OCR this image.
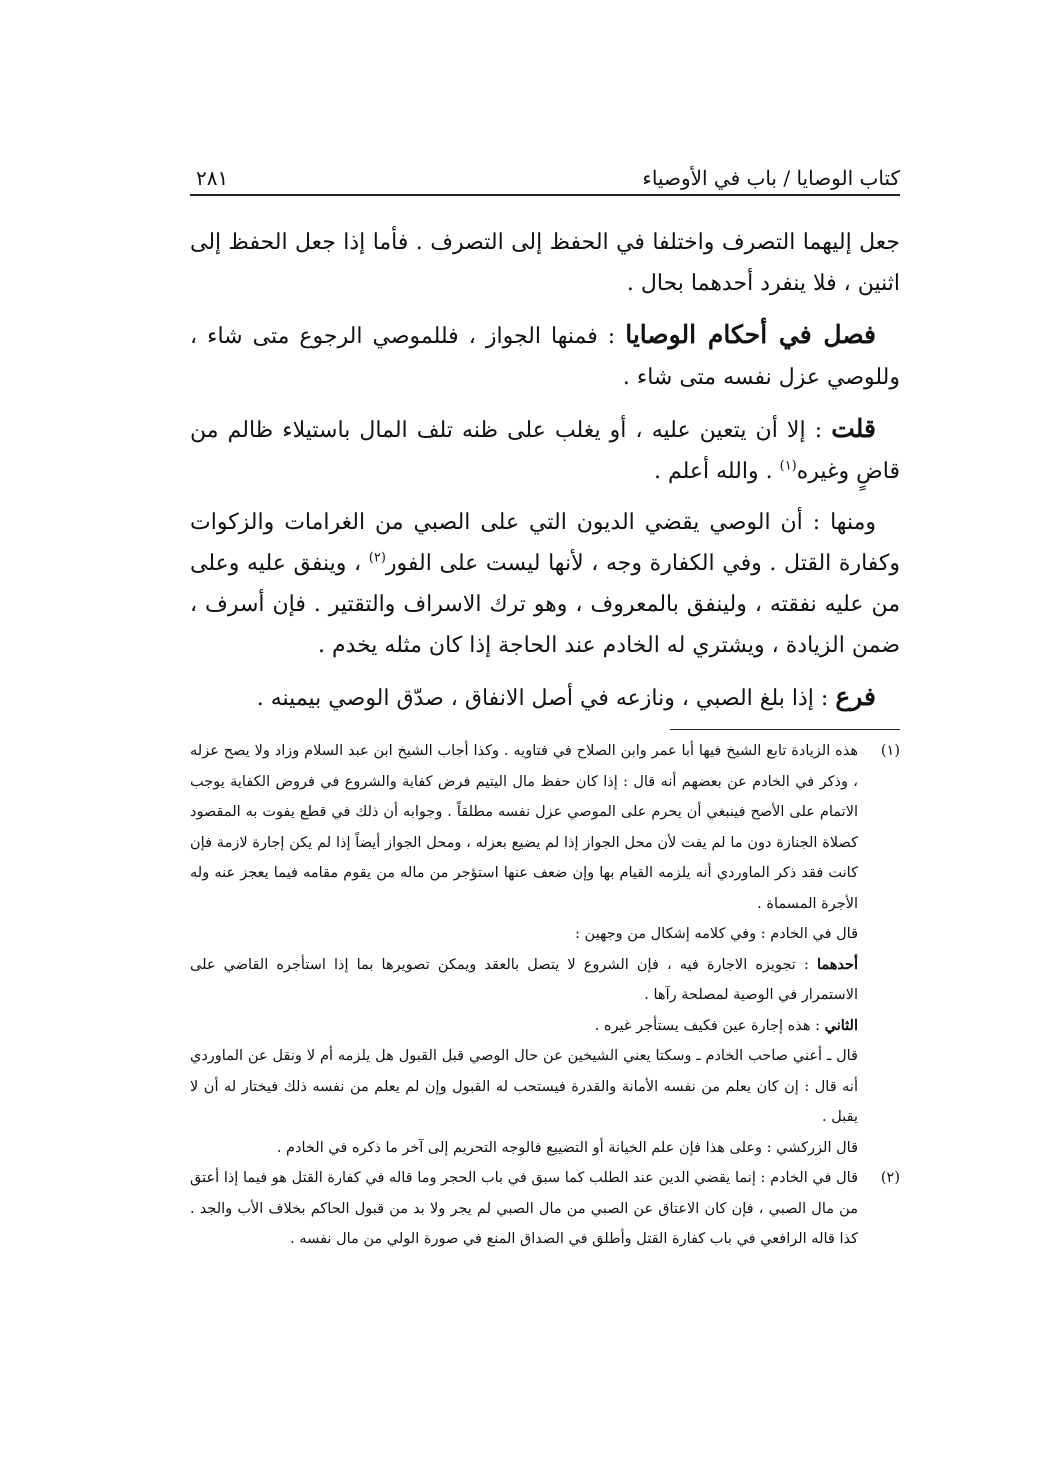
كتاب الوصايا / باب في الأوصياء
٢٨١

جعل إليهما التصرف واختلفا في الحفظ إلى التصرف . فأما إذا جعل الحفظ إلى اثنين ، فلا ينفرد أحدهما بحال .

فصل في أحكام الوصايا : فمنها الجواز ، فللموصي الرجوع متى شاء ، وللوصي عزل نفسه متى شاء .

قلت : إلا أن يتعين عليه ، أو يغلب على ظنه تلف المال باستيلاء ظالم من قاضٍ وغيره$^{(١)}$ . والله أعلم .

ومنها : أن الوصي يقضي الديون التي على الصبي من الغرامات والزكوات وكفارة القتل . وفي الكفارة وجه ، لأنها ليست على الفور$^{(٢)}$ ، وينفق عليه وعلى من عليه نفقته ، ولينفق بالمعروف ، وهو ترك الاسراف والتقتير . فإن أسرف ، ضمن الزيادة ، ويشتري له الخادم عند الحاجة إذا كان مثله يخدم .

فرع : إذا بلغ الصبي ، ونازعه في أصل الانفاق ، صدّق الوصي بيمينه .

(١)

هذه الزيادة تابع الشيخ فيها أبا عمر وابن الصلاح في فتاويه . وكذا أجاب الشيخ ابن عبد السلام وزاد ولا يصح عزله ، وذكر في الخادم عن بعضهم أنه قال : إذا كان حفظ مال اليتيم فرض كفاية والشروع في فروض الكفاية يوجب الاتمام على الأصح فينبغي أن يحرم على الموصي عزل نفسه مطلقاً . وجوابه أن ذلك في قطع يفوت به المقصود كصلاة الجنازة دون ما لم يفت لأن محل الجواز إذا لم يضيع بعزله ، ومحل الجواز أيضاً إذا لم يكن إجارة لازمة فإن كانت فقد ذكر الماوردي أنه يلزمه القيام بها وإن ضعف عنها استؤجر من ماله من يقوم مقامه فيما يعجز عنه وله الأجرة المسماة .

قال في الخادم : وفي كلامه إشكال من وجهين :

أحدهما : تجويزه الاجارة فيه ، فإن الشروع لا يتصل بالعقد ويمكن تصويرها بما إذا استأجره القاضي على الاستمرار في الوصية لمصلحة رآها .

الثاني : هذه إجارة عين فكيف يستأجر غيره .

قال ـ أعني صاحب الخادم ـ وسكتا يعني الشيخين عن حال الوصي قبل القبول هل يلزمه أم لا ونقل عن الماوردي أنه قال : إن كان يعلم من نفسه الأمانة والقدرة فيستحب له القبول وإن لم يعلم من نفسه ذلك فيختار له أن لا يقبل .

قال الزركشي : وعلى هذا فإن علم الخيانة أو التضييع فالوجه التحريم إلى آخر ما ذكره في الخادم .

(٢)

قال في الخادم : إنما يقضي الدين عند الطلب كما سبق في باب الحجر وما قاله في كفارة القتل هو فيما إذا أعتق من مال الصبي ، فإن كان الاعتاق عن الصبي من مال الصبي لم يجر ولا بد من قبول الحاكم بخلاف الأب والجد . كذا قاله الرافعي في باب كفارة القتل وأطلق في الصداق المنع في صورة الولي من مال نفسه .
